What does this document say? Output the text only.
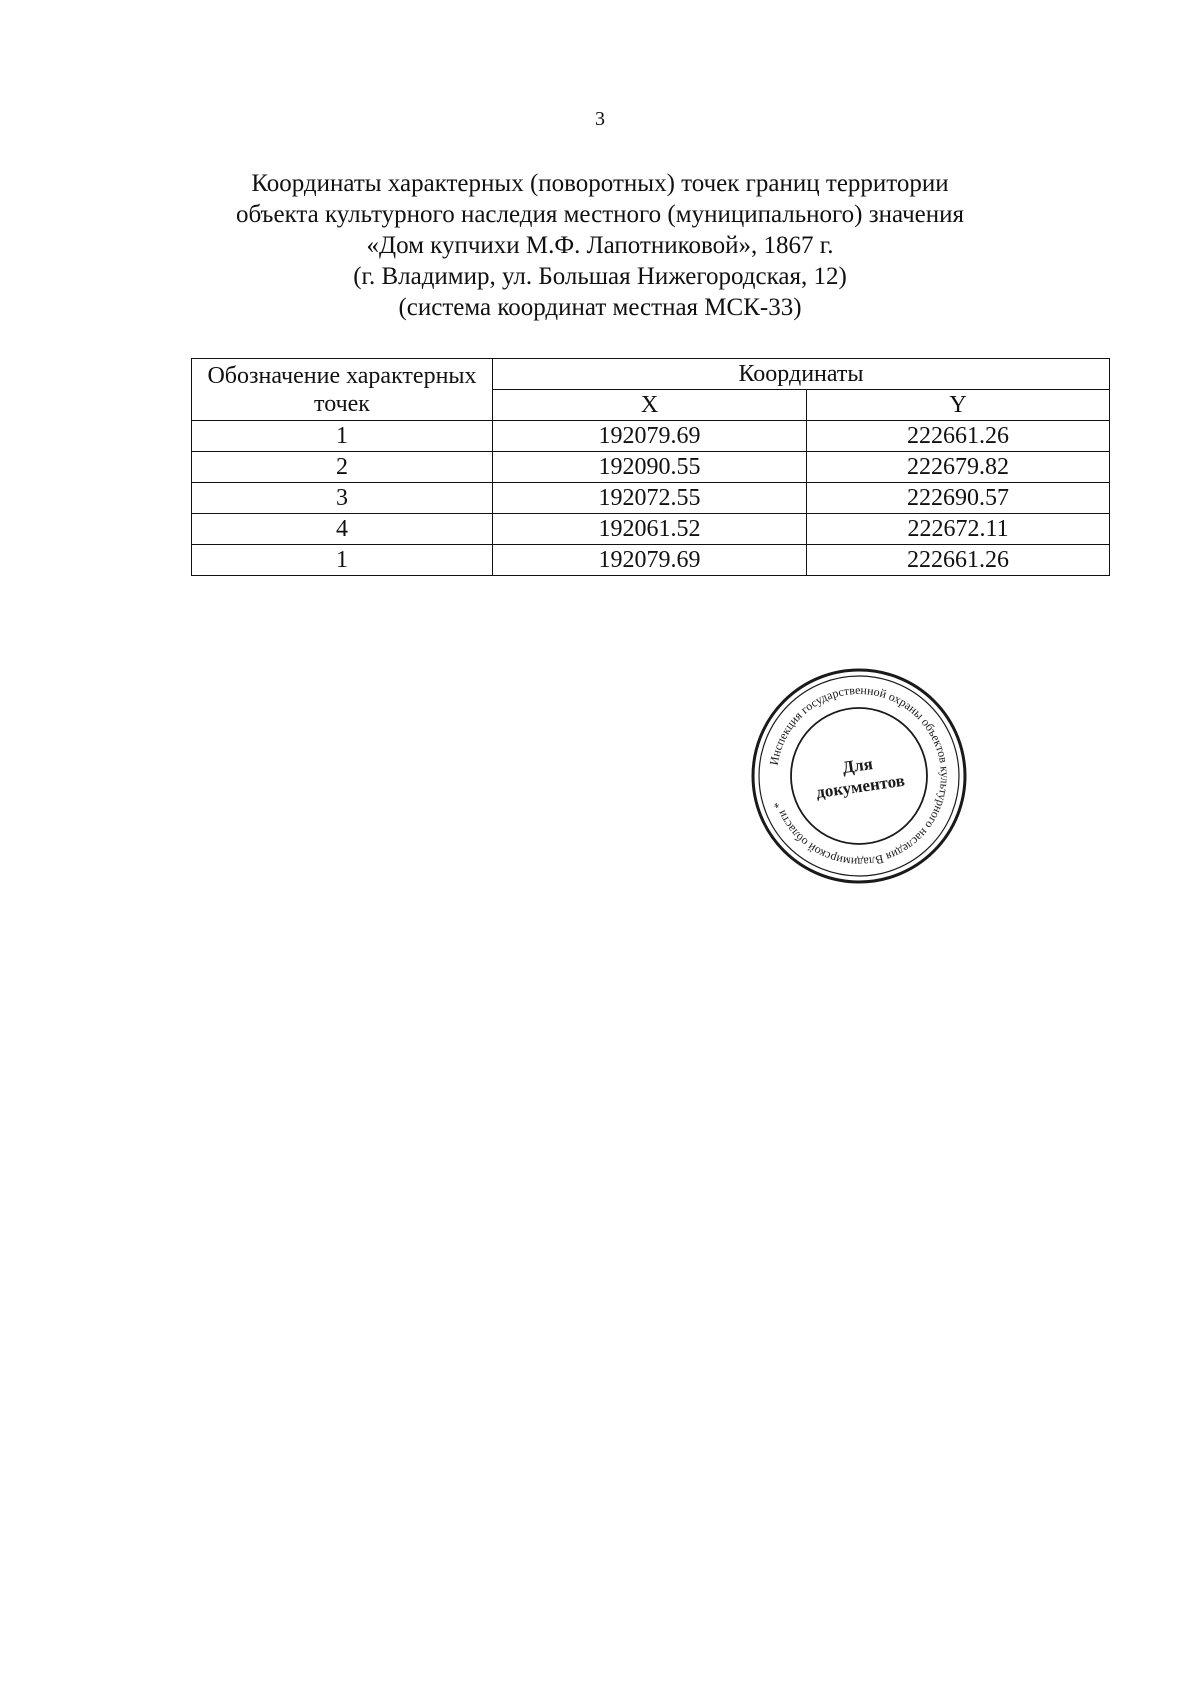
3
Координаты характерных (поворотных) точек границ территории
объекта культурного наследия местного (муниципального) значения
«Дом купчихи М.Ф. Лапотниковой», 1867 г.
(г. Владимир, ул. Большая Нижегородская, 12)
(система координат местная МСК-33)
Обозначение характерных точек	Координаты	
	X	Y
1	192079.69	222661.26
2	192090.55	222679.82
3	192072.55	222690.57
4	192061.52	222672.11
1	192079.69	222661.26
Инспекция государственной охраны объектов культурного наследия Владимирской области *
Для
документов
